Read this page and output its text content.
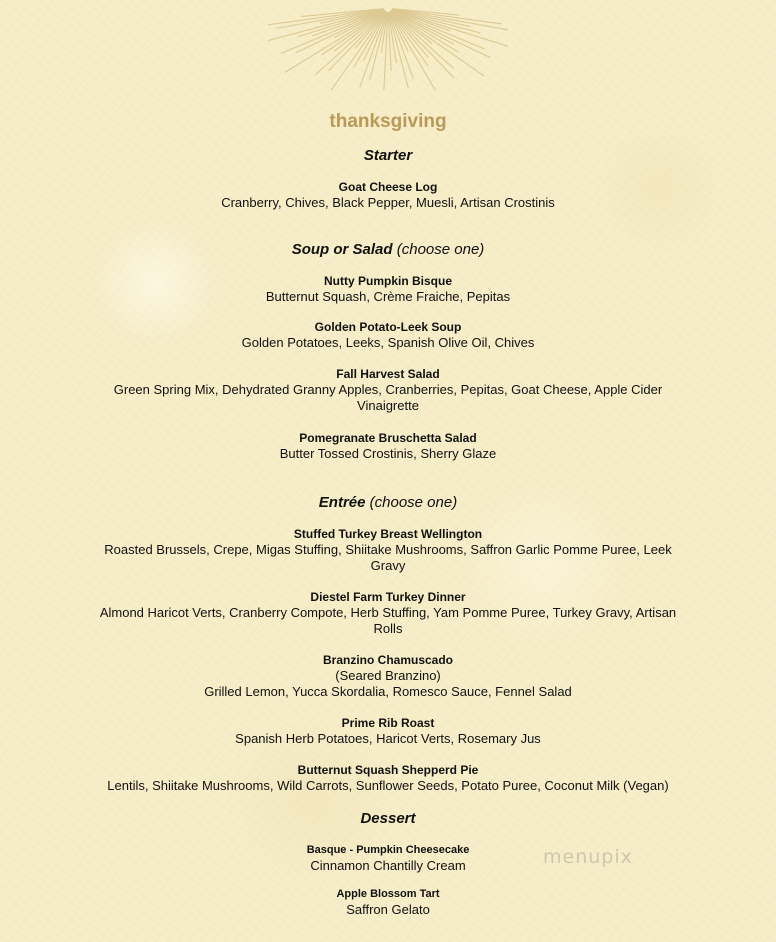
thanksgiving
Starter
Goat Cheese Log
Cranberry, Chives, Black Pepper, Muesli, Artisan Crostinis
Soup or Salad (choose one)
Nutty Pumpkin Bisque
Butternut Squash, Crème Fraiche, Pepitas
Golden Potato-Leek Soup
Golden Potatoes, Leeks, Spanish Olive Oil, Chives
Fall Harvest Salad
Green Spring Mix, Dehydrated Granny Apples, Cranberries, Pepitas, Goat Cheese, Apple Cider Vinaigrette
Pomegranate Bruschetta Salad
Butter Tossed Crostinis, Sherry Glaze
Entrée (choose one)
Stuffed Turkey Breast Wellington
Roasted Brussels, Crepe, Migas Stuffing, Shiitake Mushrooms, Saffron Garlic Pomme Puree, Leek Gravy
Diestel Farm Turkey Dinner
Almond Haricot Verts, Cranberry Compote, Herb Stuffing, Yam Pomme Puree, Turkey Gravy, Artisan Rolls
Branzino Chamuscado
(Seared Branzino)
Grilled Lemon, Yucca Skordalia, Romesco Sauce, Fennel Salad
Prime Rib Roast
Spanish Herb Potatoes, Haricot Verts, Rosemary Jus
Butternut Squash Shepperd Pie
Lentils, Shiitake Mushrooms, Wild Carrots, Sunflower Seeds, Potato Puree, Coconut Milk (Vegan)
Dessert
Basque - Pumpkin Cheesecake
Cinnamon Chantilly Cream
Apple Blossom Tart
Saffron Gelato
menupix
